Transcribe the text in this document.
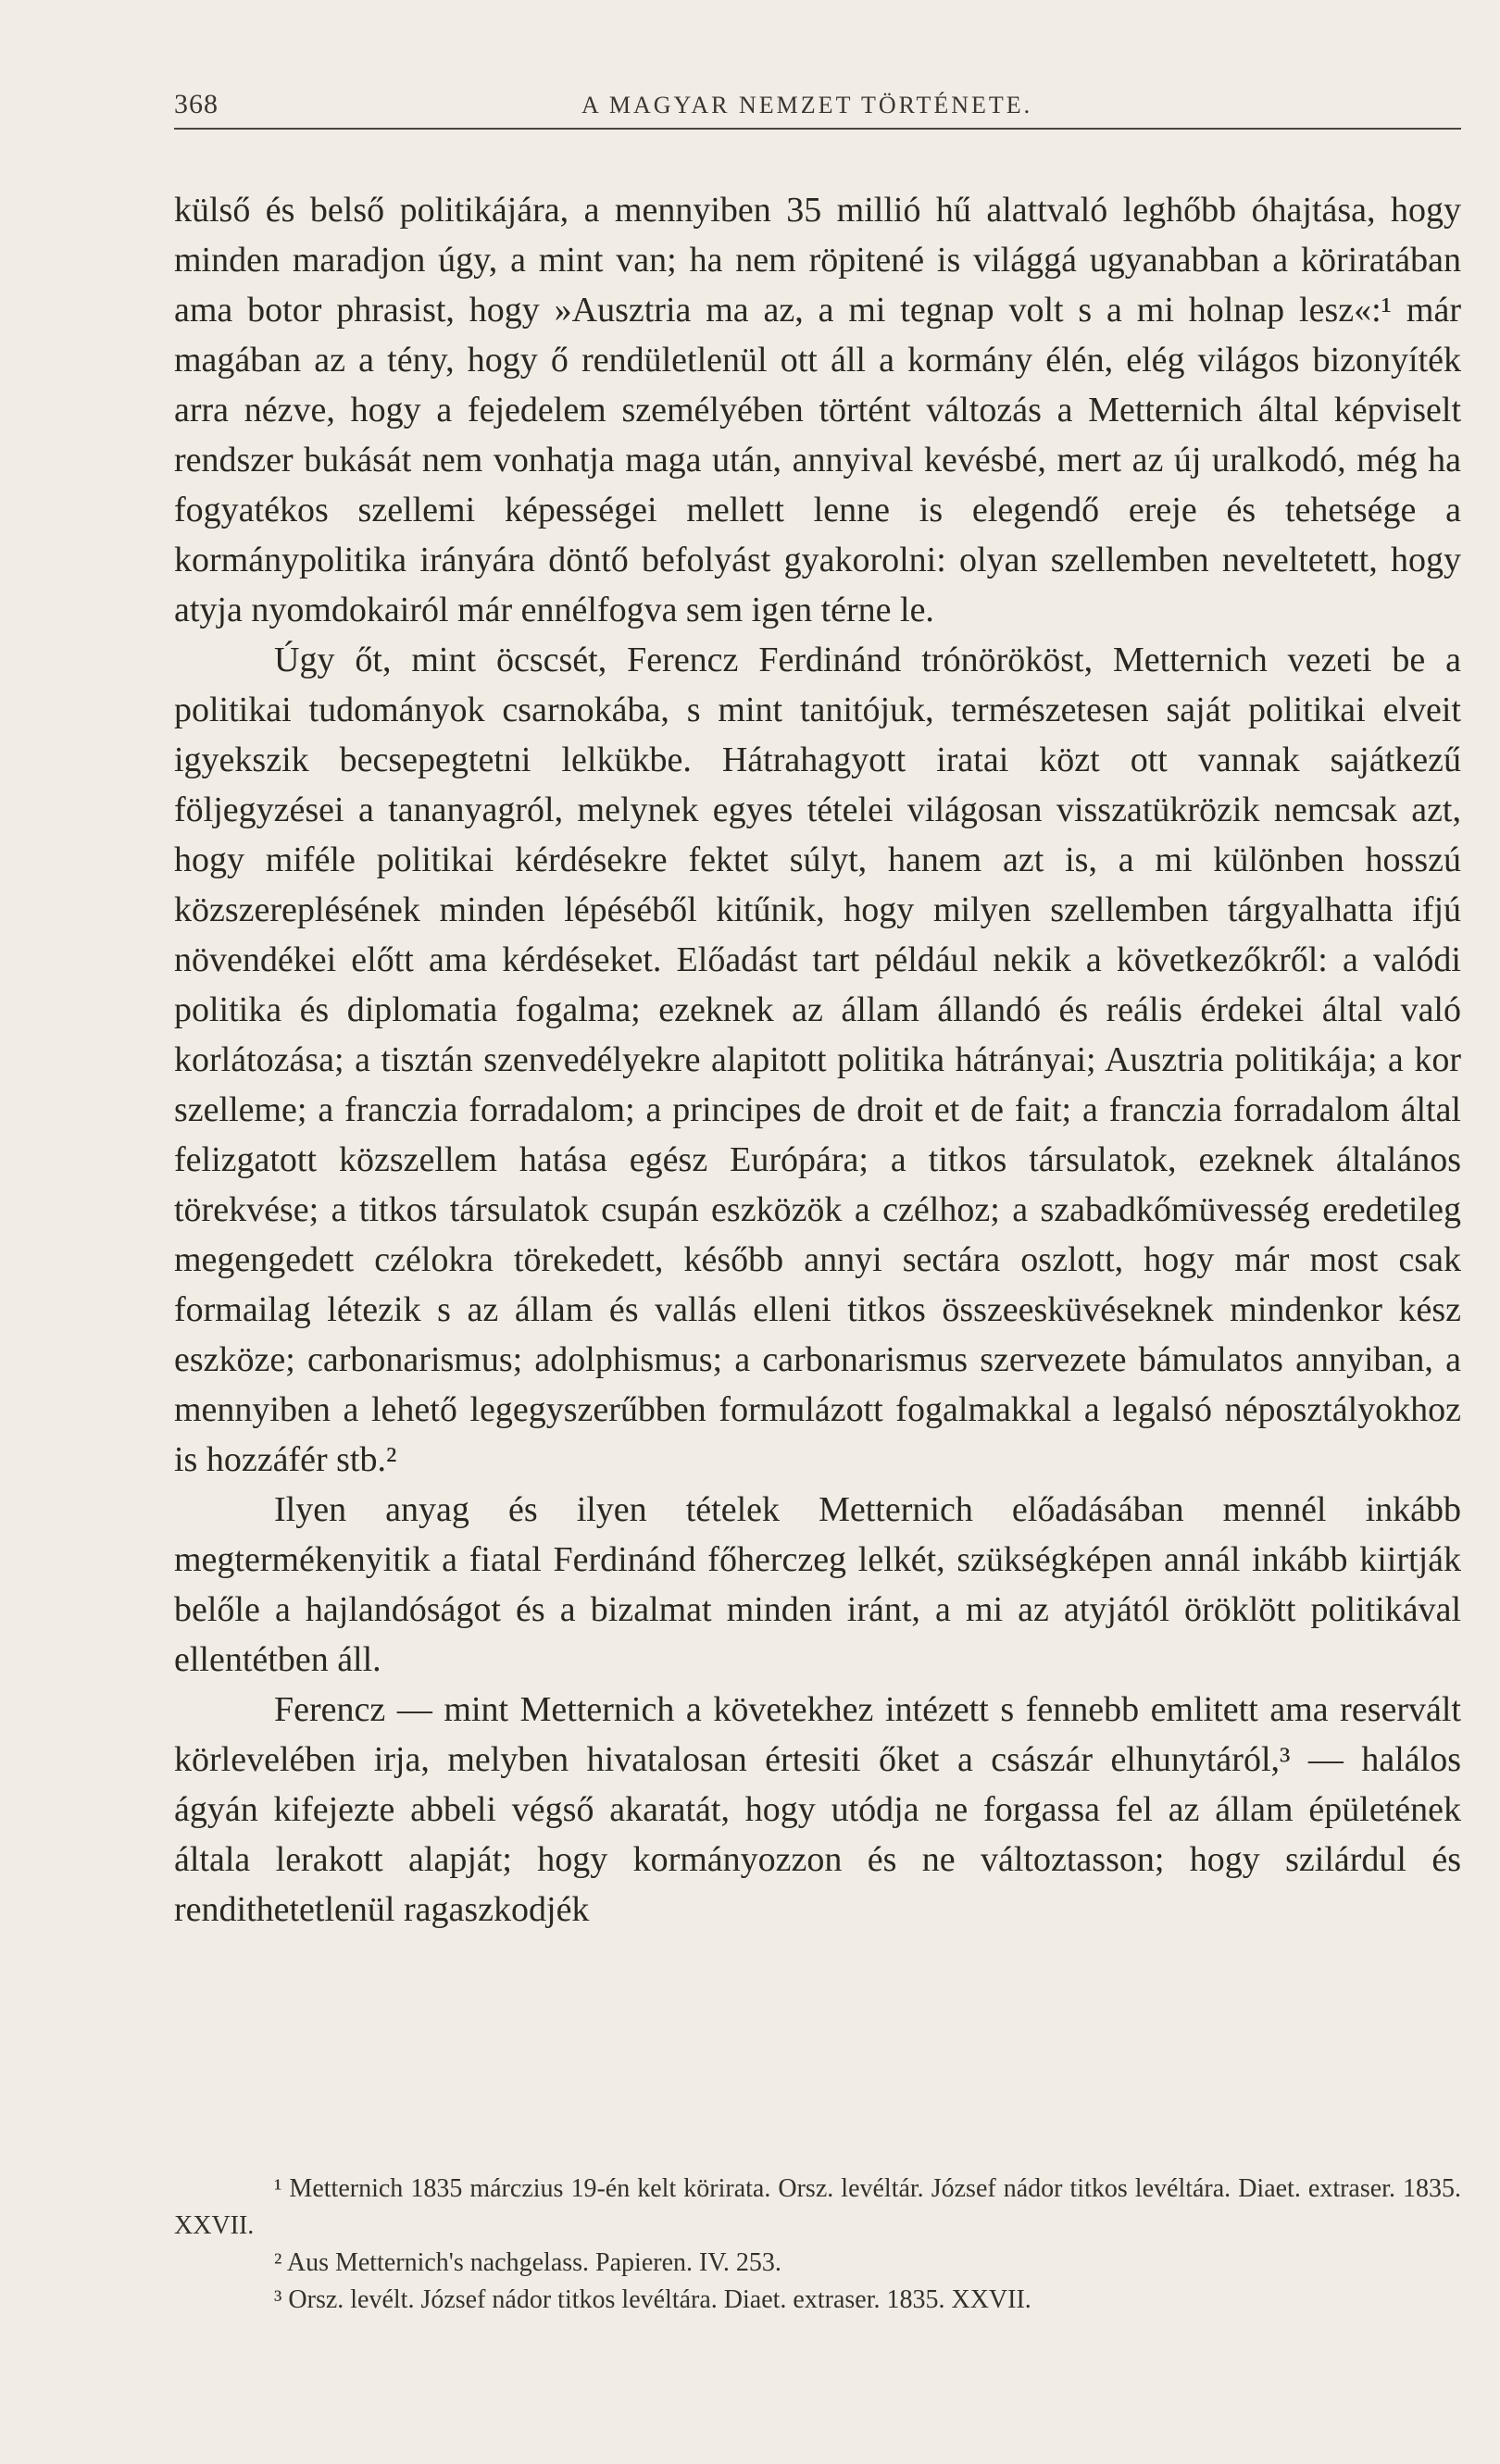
368	A MAGYAR NEMZET TÖRTÉNETE.

külső és belső politikájára, a mennyiben 35 millió hű alattvaló leghőbb óhajtása, hogy minden maradjon úgy, a mint van; ha nem röpitené is világgá ugyanabban a köriratában ama botor phrasist, hogy »Ausztria ma az, a mi tegnap volt s a mi holnap lesz«:¹ már magában az a tény, hogy ő rendületlenül ott áll a kormány élén, elég világos bizonyíték arra nézve, hogy a fejedelem személyében történt változás a Metternich által képviselt rendszer bukását nem vonhatja maga után, annyival kevésbé, mert az új uralkodó, még ha fogyatékos szellemi képességei mellett lenne is elegendő ereje és tehetsége a kormánypolitika irányára döntő befolyást gyakorolni: olyan szellemben neveltetett, hogy atyja nyomdokairól már ennélfogva sem igen térne le.

Úgy őt, mint öcscsét, Ferencz Ferdinánd trónörököst, Metternich vezeti be a politikai tudományok csarnokába, s mint tanitójuk, természetesen saját politikai elveit igyekszik becsepegtetni lelkükbe. Hátrahagyott iratai közt ott vannak sajátkezű följegyzései a tananyagról, melynek egyes tételei világosan visszatükrözik nemcsak azt, hogy miféle politikai kérdésekre fektet súlyt, hanem azt is, a mi különben hosszú közszereplésének minden lépéséből kitűnik, hogy milyen szellemben tárgyalhatta ifjú növendékei előtt ama kérdéseket. Előadást tart például nekik a következőkről: a valódi politika és diplomatia fogalma; ezeknek az állam állandó és reális érdekei által való korlátozása; a tisztán szenvedélyekre alapitott politika hátrányai; Ausztria politikája; a kor szelleme; a franczia forradalom; a principes de droit et de fait; a franczia forradalom által felizgatott közszellem hatása egész Európára; a titkos társulatok, ezeknek általános törekvése; a titkos társulatok csupán eszközök a czélhoz; a szabadkőmüvesség eredetileg megengedett czélokra törekedett, később annyi sectára oszlott, hogy már most csak formailag létezik s az állam és vallás elleni titkos összeesküvéseknek mindenkor kész eszköze; carbonarismus; adolphismus; a carbonarismus szervezete bámulatos annyiban, a mennyiben a lehető legegyszerűbben formulázott fogalmakkal a legalsó néposztályokhoz is hozzáfér stb.²

Ilyen anyag és ilyen tételek Metternich előadásában mennél inkább megtermékenyitik a fiatal Ferdinánd főherczeg lelkét, szükségképen annál inkább kiirtják belőle a hajlandóságot és a bizalmat minden iránt, a mi az atyjától öröklött politikával ellentétben áll.

Ferencz — mint Metternich a követekhez intézett s fennebb emlitett ama reservált körlevelében irja, melyben hivatalosan értesiti őket a császár elhunytáról,³ — halálos ágyán kifejezte abbeli végső akaratát, hogy utódja ne forgassa fel az állam épületének általa lerakott alapját; hogy kormányozzon és ne változtasson; hogy szilárdul és rendithetetlenül ragaszkodjék

¹ Metternich 1835 márczius 19-én kelt körirata. Orsz. levéltár. József nádor titkos levéltára. Diaet. extraser. 1835. XXVII.

² Aus Metternich's nachgelass. Papieren. IV. 253.

³ Orsz. levélt. József nádor titkos levéltára. Diaet. extraser. 1835. XXVII.
